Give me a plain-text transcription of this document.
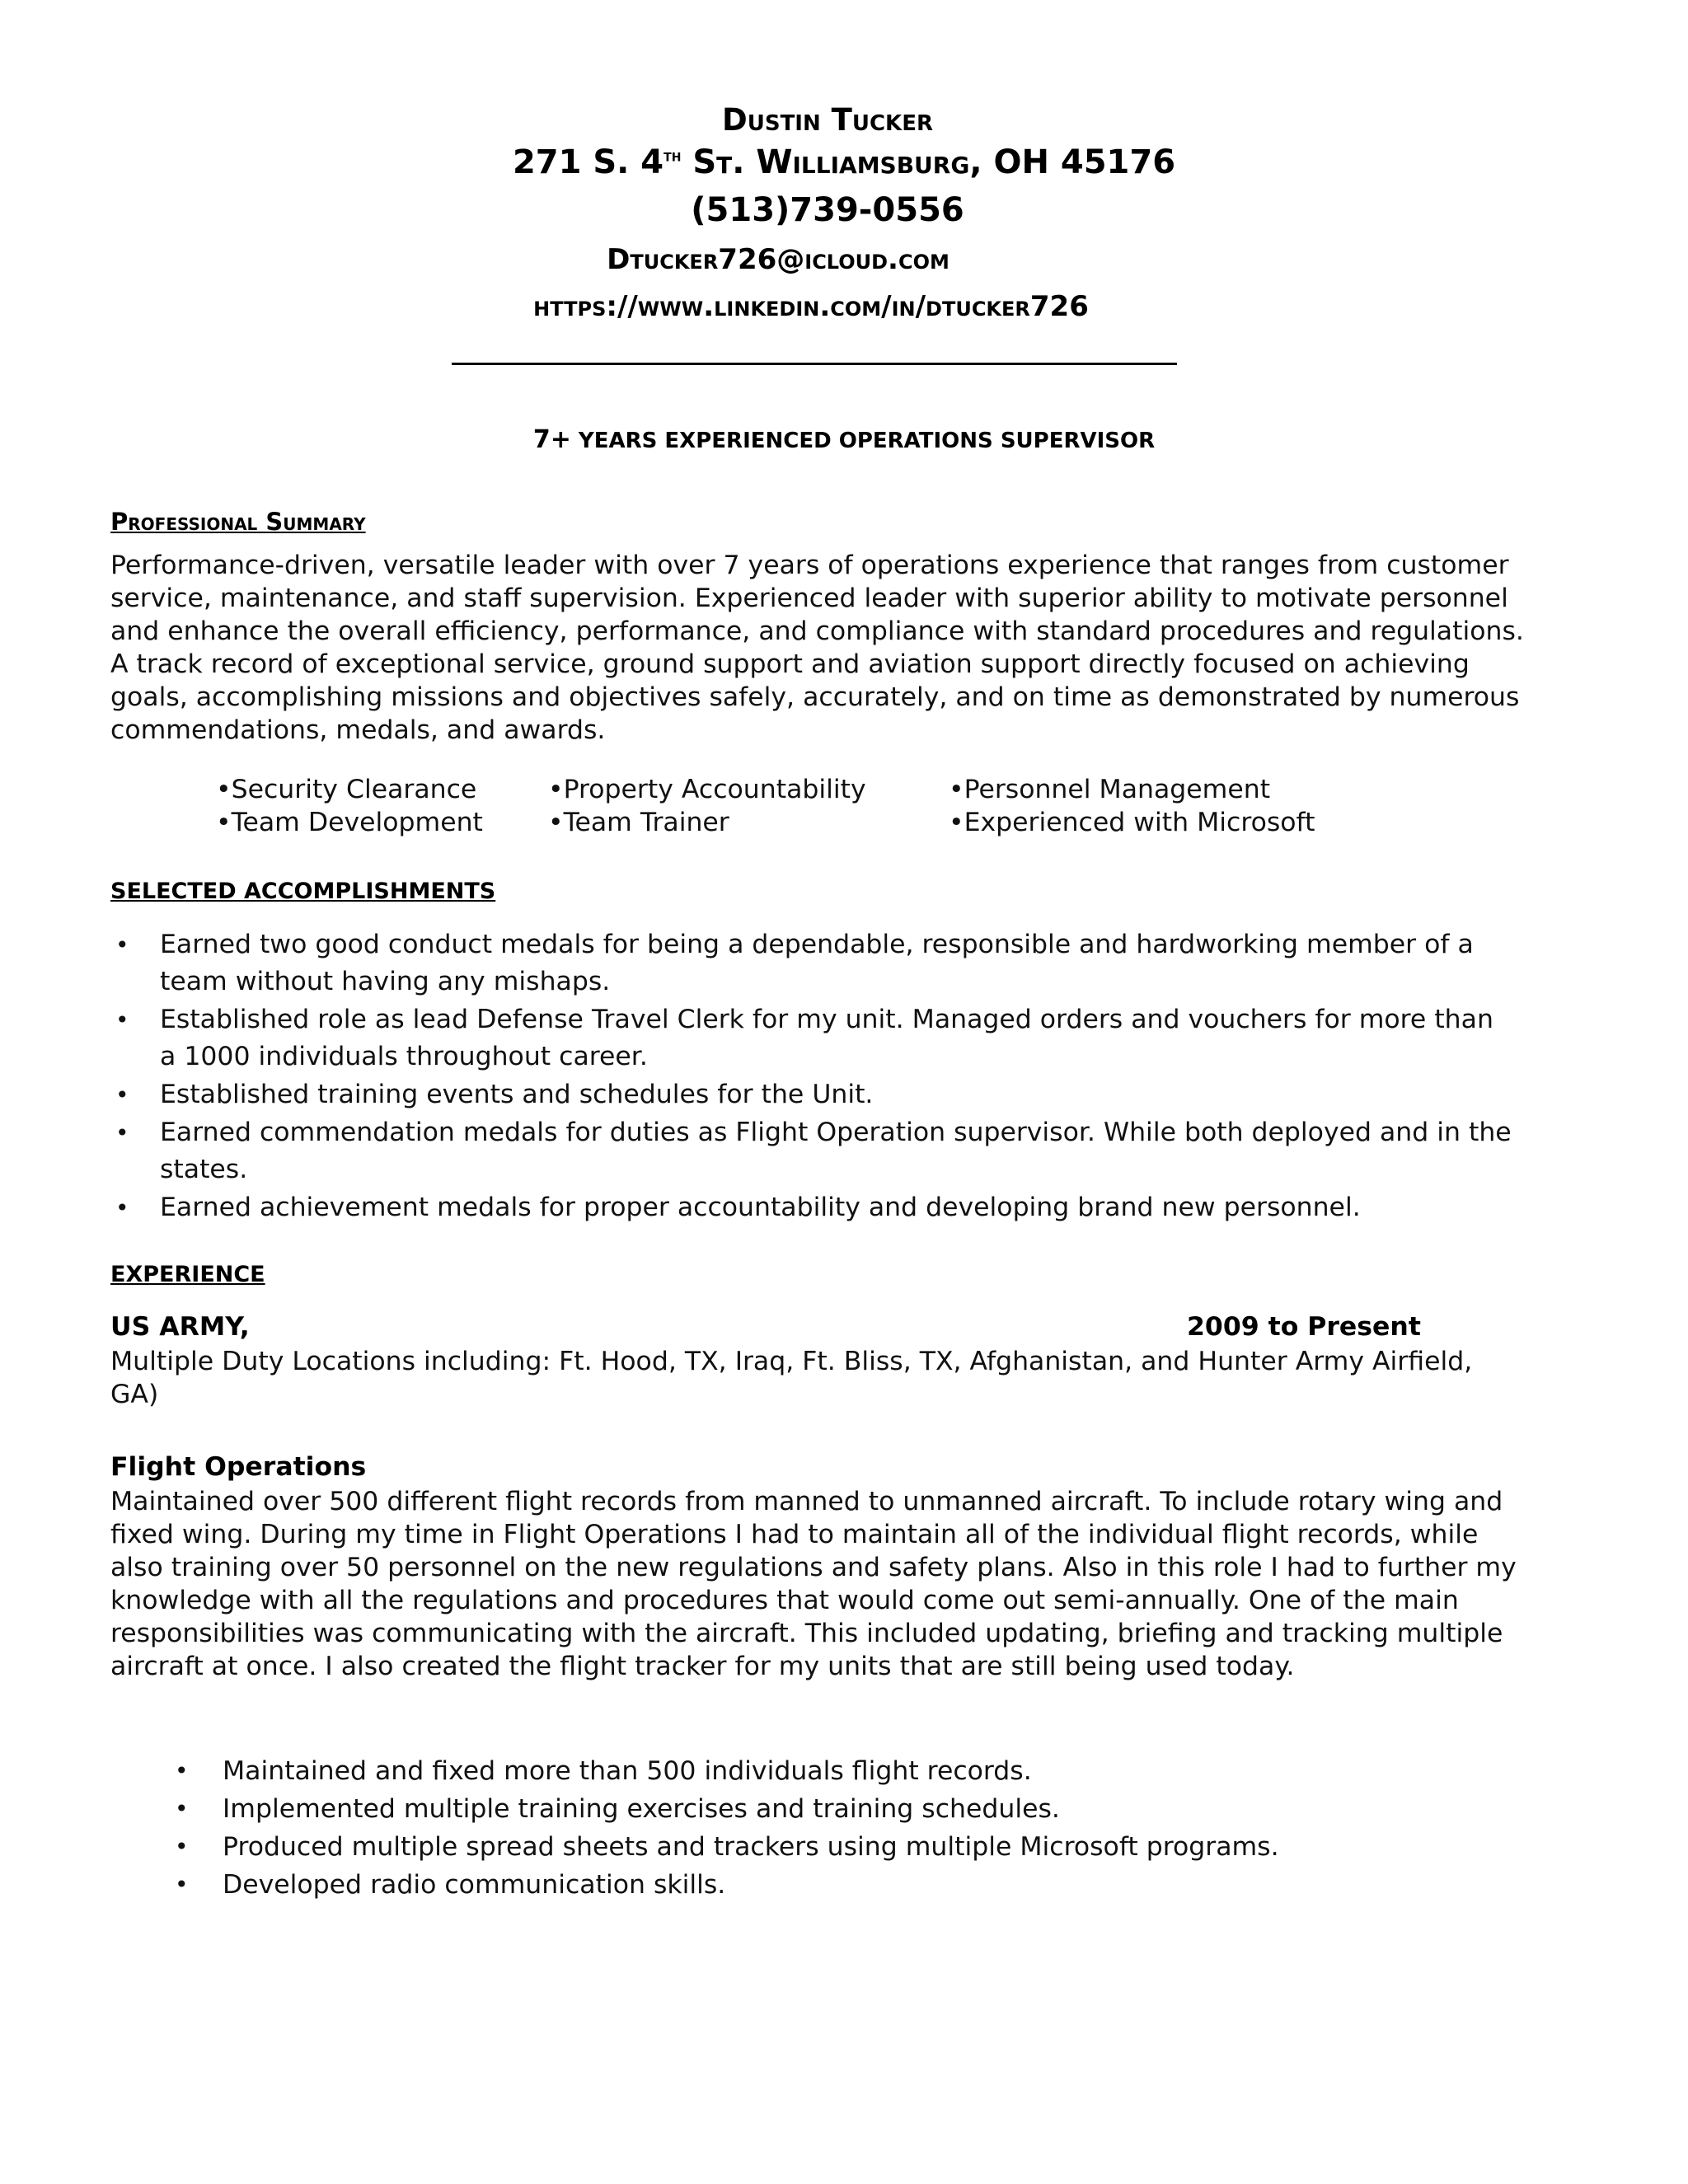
Dustin Tucker
271 S. 4th St. Williamsburg, OH 45176
(513)739-0556
Dtucker726@icloud.com
https://www.linkedin.com/in/dtucker726
7+ YEARS EXPERIENCED OPERATIONS SUPERVISOR
Professional Summary
Performance-driven, versatile leader with over 7 years of operations experience that ranges from customer service, maintenance, and staff supervision. Experienced leader with superior ability to motivate personnel and enhance the overall efficiency, performance, and compliance with standard procedures and regulations. A track record of exceptional service, ground support and aviation support directly focused on achieving goals, accomplishing missions and objectives safely, accurately, and on time as demonstrated by numerous commendations, medals, and awards.
•Security Clearance	•Property Accountability	•Personnel Management
•Team Development	•Team Trainer	•Experienced with Microsoft
SELECTED ACCOMPLISHMENTS
• Earned two good conduct medals for being a dependable, responsible and hardworking member of a team without having any mishaps.
• Established role as lead Defense Travel Clerk for my unit. Managed orders and vouchers for more than a 1000 individuals throughout career.
• Established training events and schedules for the Unit.
• Earned commendation medals for duties as Flight Operation supervisor. While both deployed and in the states.
• Earned achievement medals for proper accountability and developing brand new personnel.
EXPERIENCE
US ARMY,	2009 to Present
Multiple Duty Locations including: Ft. Hood, TX, Iraq, Ft. Bliss, TX, Afghanistan, and Hunter Army Airfield, GA)
Flight Operations
Maintained over 500 different flight records from manned to unmanned aircraft. To include rotary wing and fixed wing. During my time in Flight Operations I had to maintain all of the individual flight records, while also training over 50 personnel on the new regulations and safety plans. Also in this role I had to further my knowledge with all the regulations and procedures that would come out semi-annually. One of the main responsibilities was communicating with the aircraft. This included updating, briefing and tracking multiple aircraft at once. I also created the flight tracker for my units that are still being used today.
• Maintained and fixed more than 500 individuals flight records.
• Implemented multiple training exercises and training schedules.
• Produced multiple spread sheets and trackers using multiple Microsoft programs.
• Developed radio communication skills.
